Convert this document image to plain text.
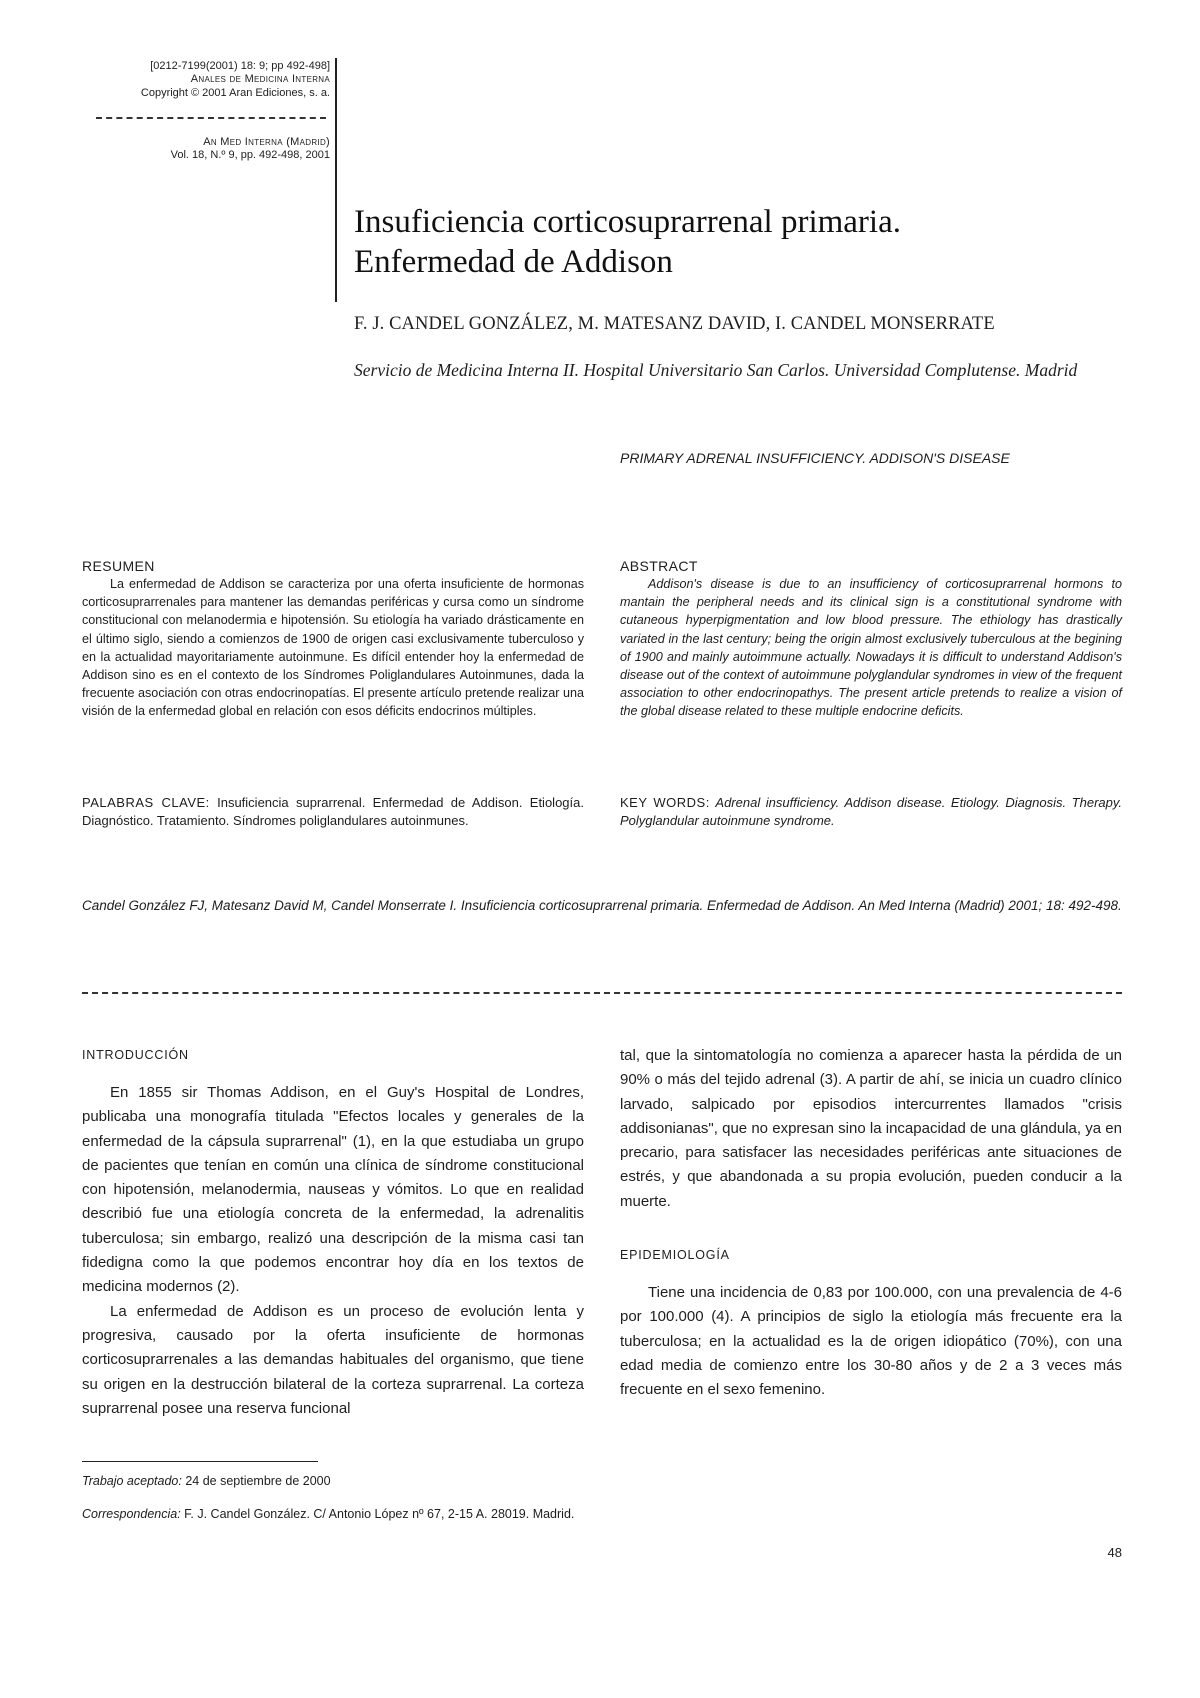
[0212-7199(2001) 18: 9; pp 492-498]
Anales de Medicina Interna
Copyright © 2001 Aran Ediciones, s. a.
An Med Interna (Madrid)
Vol. 18, N.º 9, pp. 492-498, 2001
Insuficiencia corticosuprarrenal primaria.
Enfermedad de Addison
F. J. CANDEL GONZÁLEZ, M. MATESANZ DAVID, I. CANDEL MONSERRATE
Servicio de Medicina Interna II. Hospital Universitario San Carlos. Universidad Complutense. Madrid
PRIMARY ADRENAL INSUFFICIENCY. ADDISON'S DISEASE
RESUMEN

La enfermedad de Addison se caracteriza por una oferta insuficiente de hormonas corticosuprarrenales para mantener las demandas periféricas y cursa como un síndrome constitucional con melanodermia e hipotensión. Su etiología ha variado drásticamente en el último siglo, siendo a comienzos de 1900 de origen casi exclusivamente tuberculoso y en la actualidad mayoritariamente autoinmune. Es difícil entender hoy la enfermedad de Addison sino es en el contexto de los Síndromes Poliglandulares Autoinmunes, dada la frecuente asociación con otras endocrinopatías. El presente artículo pretende realizar una visión de la enfermedad global en relación con esos déficits endocrinos múltiples.

ABSTRACT

Addison's disease is due to an insufficiency of corticosuprarrenal hormons to mantain the peripheral needs and its clinical sign is a constitutional syndrome with cutaneous hyperpigmentation and low blood pressure. The ethiology has drastically variated in the last century; being the origin almost exclusively tuberculous at the begining of 1900 and mainly autoimmune actually. Nowadays it is difficult to understand Addison's disease out of the context of autoimmune polyglandular syndromes in view of the frequent association to other endocrinopathys. The present article pretends to realize a vision of the global disease related to these multiple endocrine deficits.

PALABRAS CLAVE: Insuficiencia suprarrenal. Enfermedad de Addison. Etiología. Diagnóstico. Tratamiento. Síndromes poliglandulares autoinmunes.

KEY WORDS: Adrenal insufficiency. Addison disease. Etiology. Diagnosis. Therapy. Polyglandular autoinmune syndrome.

Candel González FJ, Matesanz David M, Candel Monserrate I. Insuficiencia corticosuprarrenal primaria. Enfermedad de Addison. An Med Interna (Madrid) 2001; 18: 492-498.
INTRODUCCIÓN

En 1855 sir Thomas Addison, en el Guy's Hospital de Londres, publicaba una monografía titulada "Efectos locales y generales de la enfermedad de la cápsula suprarrenal" (1), en la que estudiaba un grupo de pacientes que tenían en común una clínica de síndrome constitucional con hipotensión, melanodermia, nauseas y vómitos. Lo que en realidad describió fue una etiología concreta de la enfermedad, la adrenalitis tuberculosa; sin embargo, realizó una descripción de la misma casi tan fidedigna como la que podemos encontrar hoy día en los textos de medicina modernos (2).

La enfermedad de Addison es un proceso de evolución lenta y progresiva, causado por la oferta insuficiente de hormonas corticosuprarrenales a las demandas habituales del organismo, que tiene su origen en la destrucción bilateral de la corteza suprarrenal. La corteza suprarrenal posee una reserva funcional

tal, que la sintomatología no comienza a aparecer hasta la pérdida de un 90% o más del tejido adrenal (3). A partir de ahí, se inicia un cuadro clínico larvado, salpicado por episodios intercurrentes llamados "crisis addisonianas", que no expresan sino la incapacidad de una glándula, ya en precario, para satisfacer las necesidades periféricas ante situaciones de estrés, y que abandonada a su propia evolución, pueden conducir a la muerte.

EPIDEMIOLOGÍA

Tiene una incidencia de 0,83 por 100.000, con una prevalencia de 4-6 por 100.000 (4). A principios de siglo la etiología más frecuente era la tuberculosa; en la actualidad es la de origen idiopático (70%), con una edad media de comienzo entre los 30-80 años y de 2 a 3 veces más frecuente en el sexo femenino.

Trabajo aceptado: 24 de septiembre de 2000
Correspondencia: F. J. Candel González. C/ Antonio López nº 67, 2-15 A. 28019. Madrid.
48
